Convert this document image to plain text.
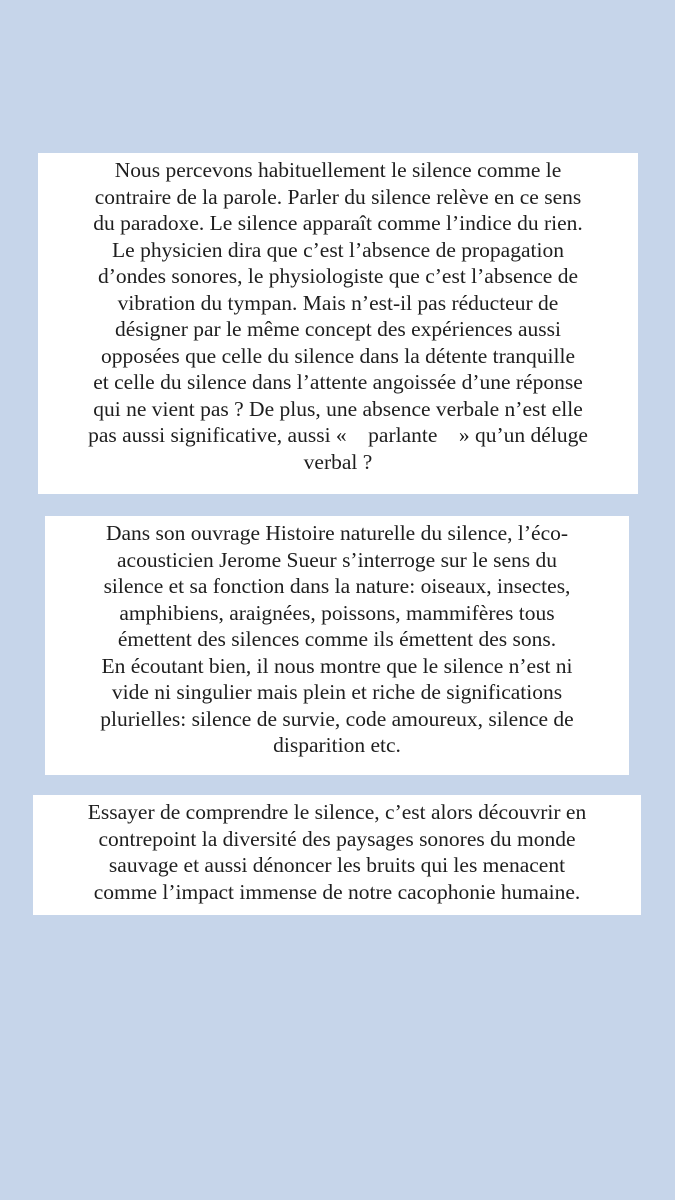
Nous percevons habituellement le silence comme le
contraire de la parole. Parler du silence relève en ce sens
du paradoxe. Le silence apparaît comme l’indice du rien.
Le physicien dira que c’est l’absence de propagation
d’ondes sonores, le physiologiste que c’est l’absence de
vibration du tympan. Mais n’est-il pas réducteur de
désigner par le même concept des expériences aussi
opposées que celle du silence dans la détente tranquille
et celle du silence dans l’attente angoissée d’une réponse
qui ne vient pas ? De plus, une absence verbale n’est elle
pas aussi significative, aussi «    parlante    » qu’un déluge
verbal ?

Dans son ouvrage Histoire naturelle du silence, l’éco-
acousticien Jerome Sueur s’interroge sur le sens du
silence et sa fonction dans la nature: oiseaux, insectes,
amphibiens, araignées, poissons, mammifères tous
émettent des silences comme ils émettent des sons.
En écoutant bien, il nous montre que le silence n’est ni
vide ni singulier mais plein et riche de significations
plurielles: silence de survie, code amoureux, silence de
disparition etc.

Essayer de comprendre le silence, c’est alors découvrir en
contrepoint la diversité des paysages sonores du monde
sauvage et aussi dénoncer les bruits qui les menacent
comme l’impact immense de notre cacophonie humaine.
